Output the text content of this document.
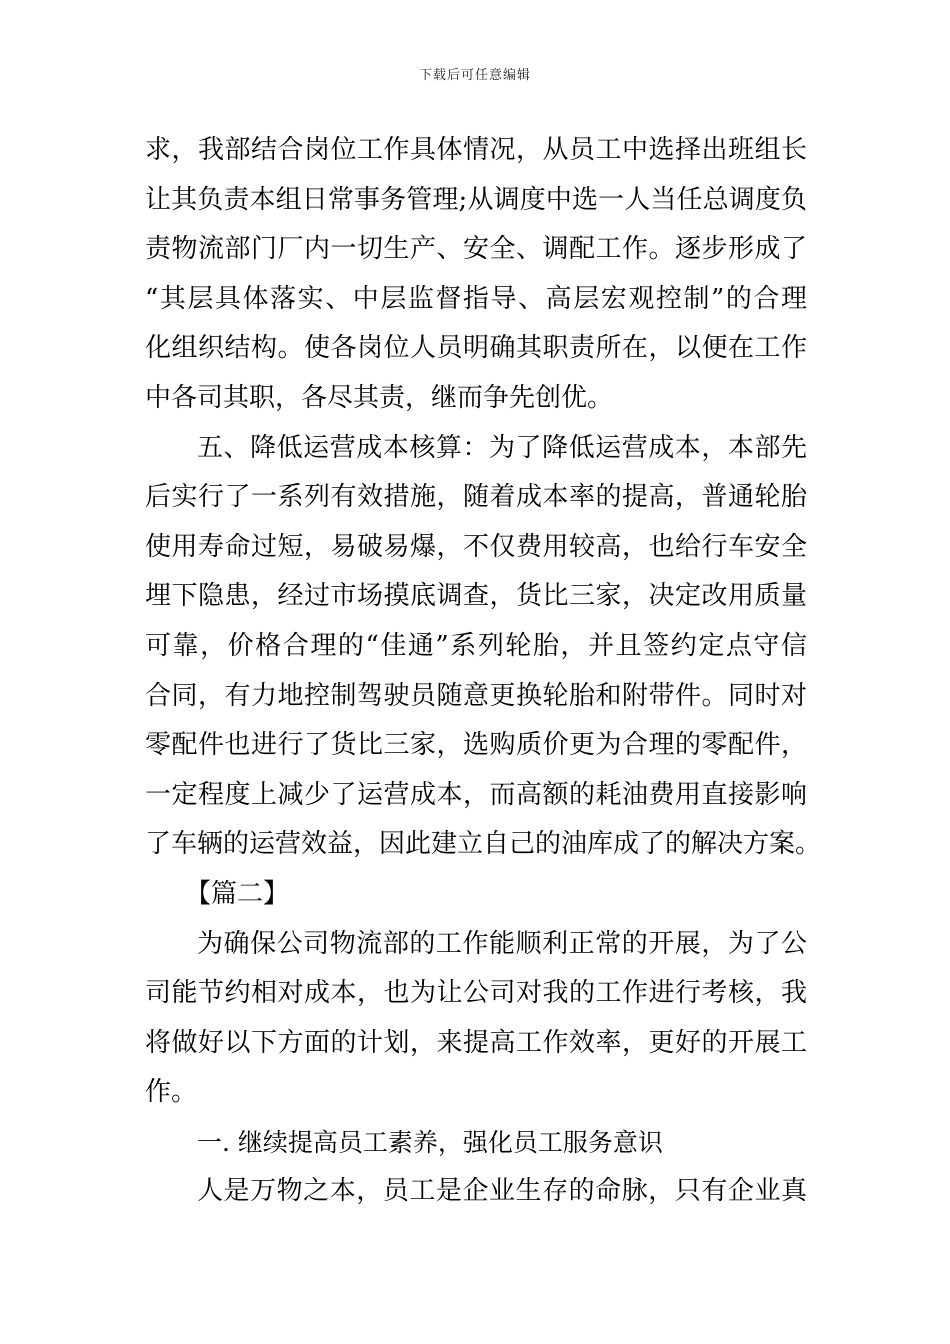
下载后可任意编辑
求，我部结合岗位工作具体情况，从员工中选择出班组长
让其负责本组日常事务管理;从调度中选一人当任总调度负
责物流部门厂内一切生产、安全、调配工作。逐步形成了
“其层具体落实、中层监督指导、高层宏观控制”的合理
化组织结构。使各岗位人员明确其职责所在，以便在工作
中各司其职，各尽其责，继而争先创优。
五、降低运营成本核算：为了降低运营成本，本部先
后实行了一系列有效措施，随着成本率的提高，普通轮胎
使用寿命过短，易破易爆，不仅费用较高，也给行车安全
埋下隐患，经过市场摸底调查，货比三家，决定改用质量
可靠，价格合理的“佳通”系列轮胎，并且签约定点守信
合同，有力地控制驾驶员随意更换轮胎和附带件。同时对
零配件也进行了货比三家，选购质价更为合理的零配件，
一定程度上减少了运营成本，而高额的耗油费用直接影响
了车辆的运营效益，因此建立自己的油库成了的解决方案。
【篇二】
为确保公司物流部的工作能顺利正常的开展，为了公
司能节约相对成本，也为让公司对我的工作进行考核，我
将做好以下方面的计划，来提高工作效率，更好的开展工
作。
一. 继续提高员工素养，强化员工服务意识
人是万物之本，员工是企业生存的命脉，只有企业真
